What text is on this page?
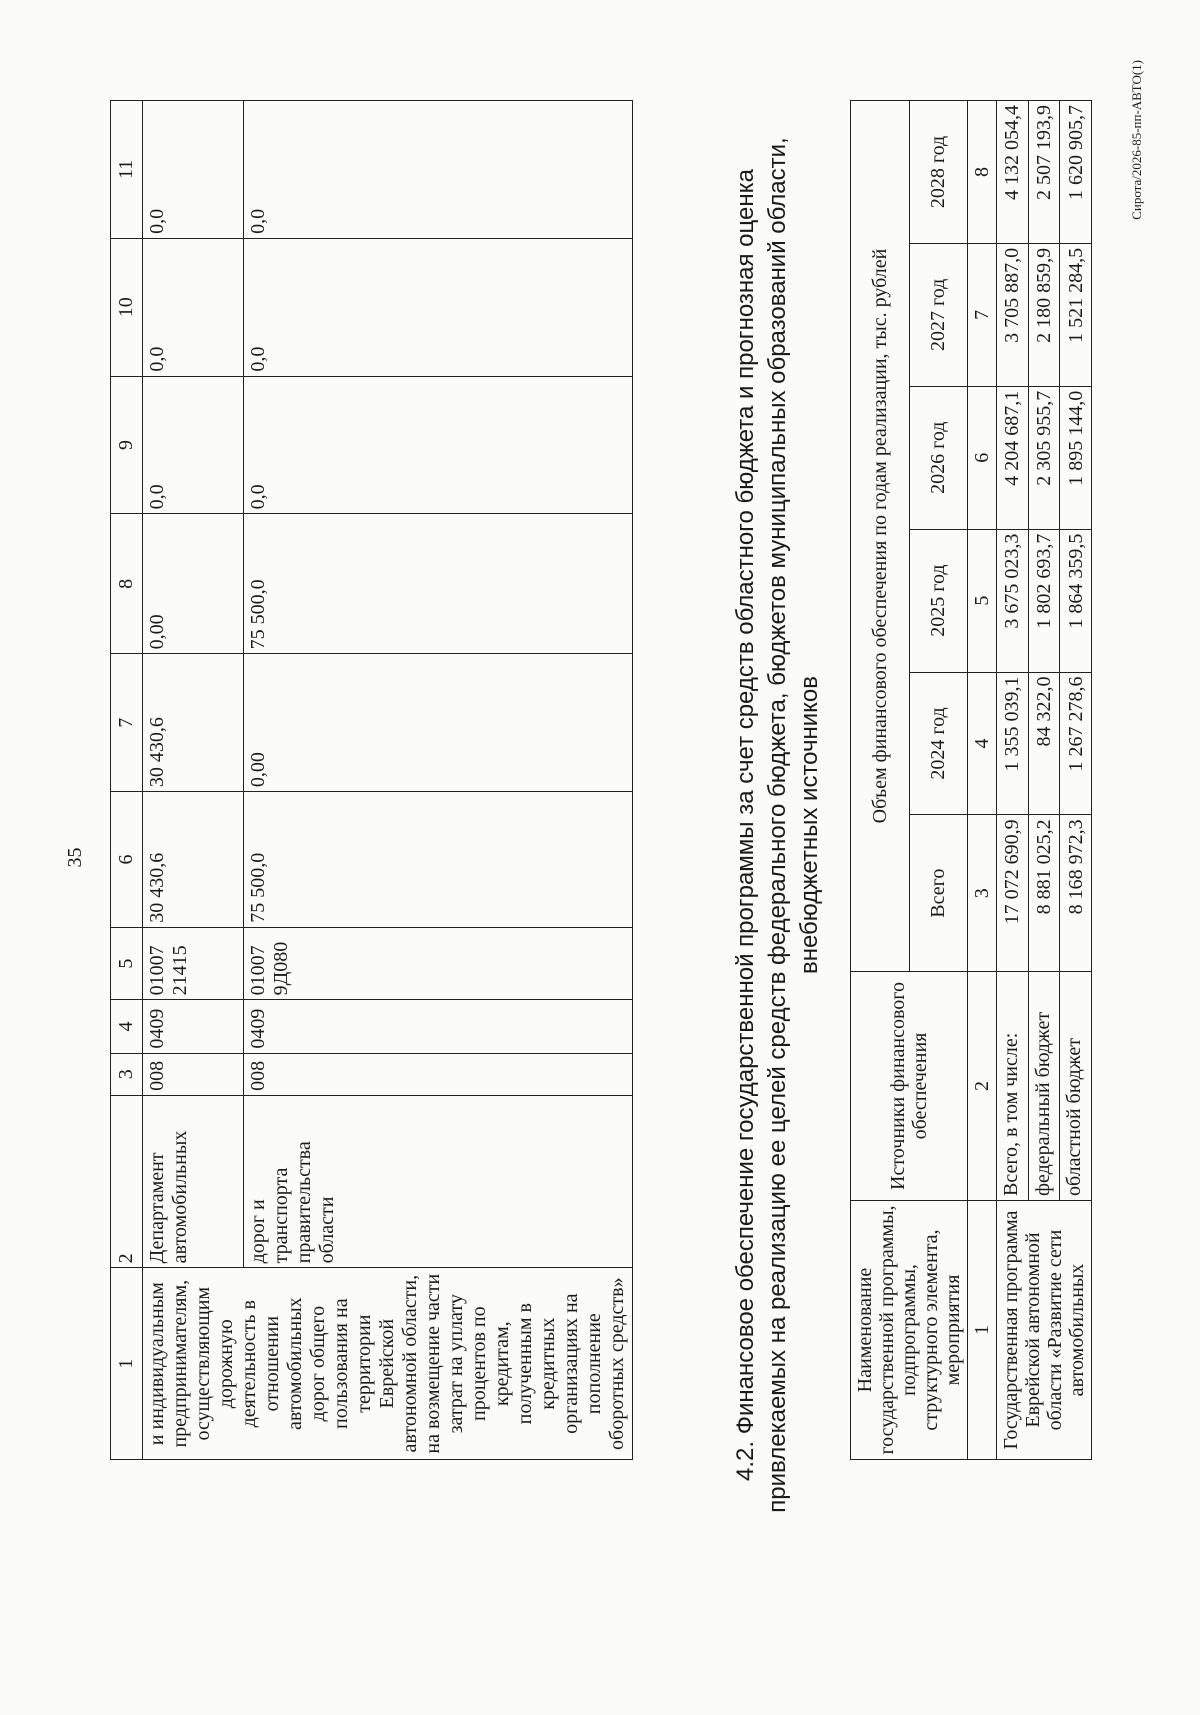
35
1	2	3	4	5	6	7	8	9	10	11
и индивидуальным предпринимателям, осуществляющим дорожную деятельность в отношении автомобильных дорог общего пользования на территории Еврейской автономной области, на возмещение части затрат на уплату процентов по кредитам, полученным в кредитных организациях на пополнение оборотных средств»	Департамент автомобильных	008	0409	01007 21415	30 430,6	30 430,6	0,00	0,0	0,0	0,0
	дорог и транспорта правительства области	008	0409	01007 9Д080	75 500,0	0,00	75 500,0	0,0	0,0	0,0	4.2. Финансовое обеспечение государственной программы за счет средств областного бюджета и прогнозная оценка привлекаемых на реализацию ее целей средств федерального бюджета, бюджетов муниципальных образований области, внебюджетных источников
Наименование государственной программы, подпрограммы, структурного элемента, мероприятия	Источники финансового обеспечения	Объем финансового обеспечения по годам реализации, тыс. рублей					
		Всего	2024 год	2025 год	2026 год	2027 год	2028 год
1	2	3	4	5	6	7	8
Государственная программа Еврейской автономной области «Развитие сети автомобильных	Всего, в том числе:	17 072 690,9	1 355 039,1	3 675 023,3	4 204 687,1	3 705 887,0	4 132 054,4
	федеральный бюджет	8 881 025,2	84 322,0	1 802 693,7	2 305 955,7	2 180 859,9	2 507 193,9
	областной бюджет	8 168 972,3	1 267 278,6	1 864 359,5	1 895 144,0	1 521 284,5	1 620 905,7	Сирота/2026-85-пп-АВТО(1)
